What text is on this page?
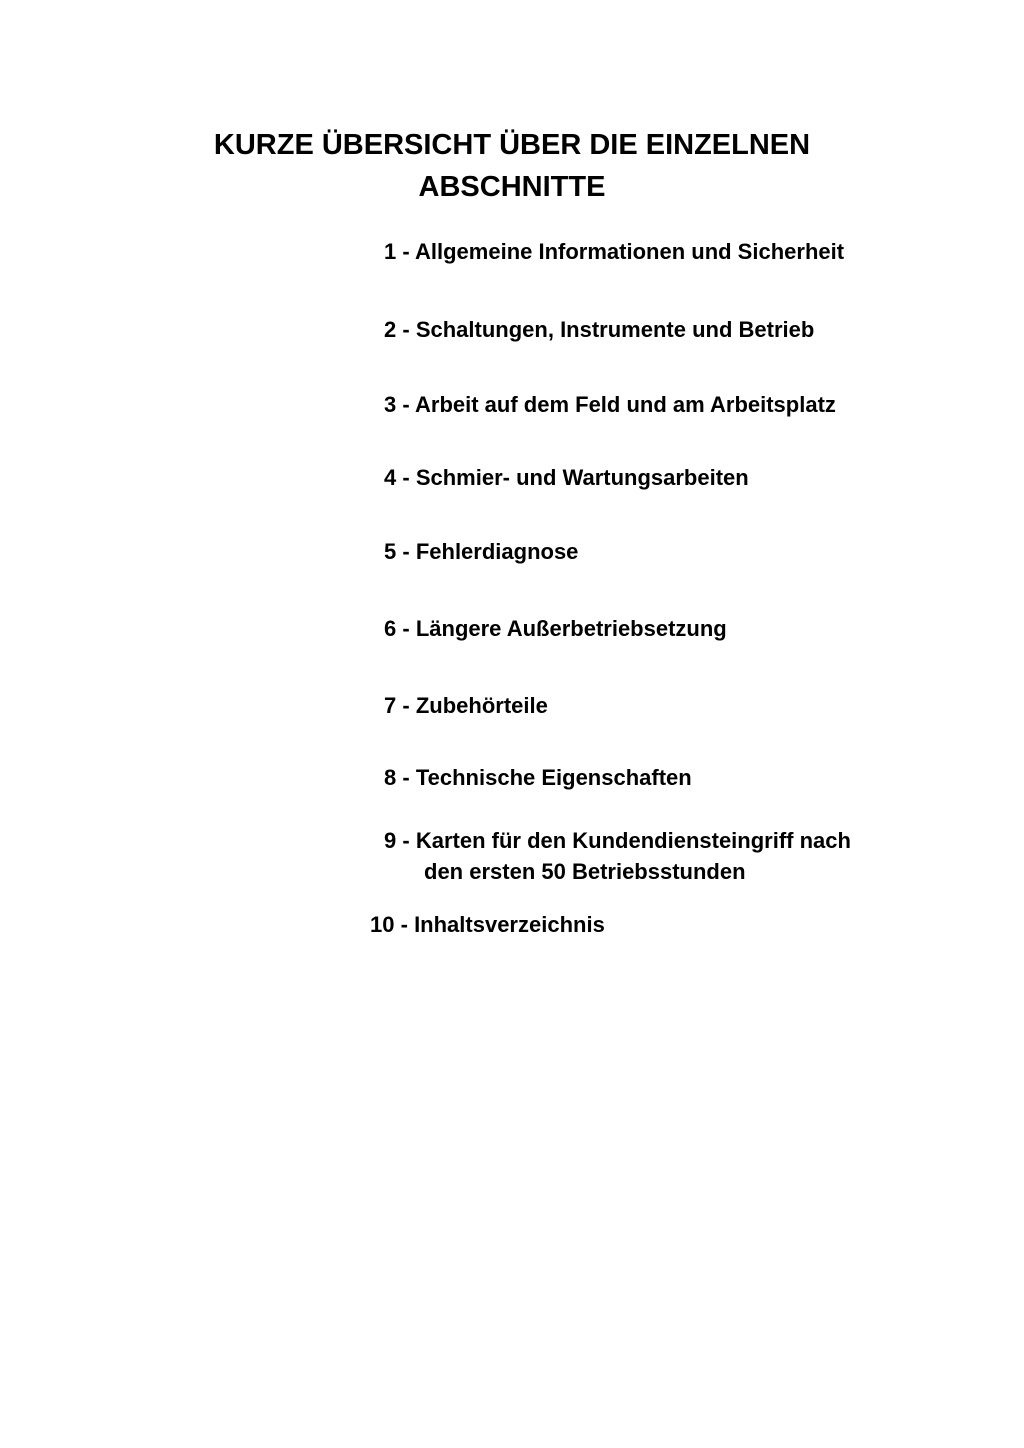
KURZE ÜBERSICHT ÜBER DIE EINZELNEN
ABSCHNITTE
1 - Allgemeine Informationen und Sicherheit
2 - Schaltungen, Instrumente und Betrieb
3 - Arbeit auf dem Feld und am Arbeitsplatz
4 - Schmier- und Wartungsarbeiten
5 - Fehlerdiagnose
6 - Längere Außerbetriebsetzung
7 - Zubehörteile
8 - Technische Eigenschaften
9 - Karten für den Kundendiensteingriff nach
den ersten 50 Betriebsstunden
10 - Inhaltsverzeichnis
